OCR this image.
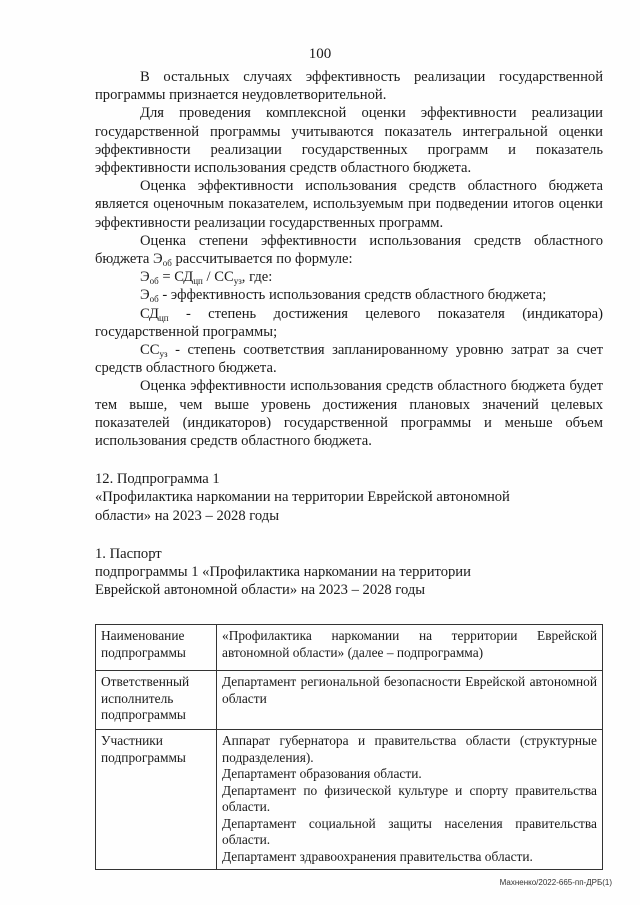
100

В остальных случаях эффективность реализации государственной программы признается неудовлетворительной.

Для проведения комплексной оценки эффективности реализации государственной программы учитываются показатель интегральной оценки эффективности реализации государственных программ и показатель эффективности использования средств областного бюджета.

Оценка эффективности использования средств областного бюджета является оценочным показателем, используемым при подведении итогов оценки эффективности реализации государственных программ.

Оценка степени эффективности использования средств областного бюджета $Э_{об}$ рассчитывается по формуле:

$Э_{об} = СД_{цп} / СС_{уз}$, где:

$Э_{об}$ - эффективность использования средств областного бюджета;

$СД_{цп}$ - степень достижения целевого показателя (индикатора) государственной программы;

$СС_{уз}$ - степень соответствия запланированному уровню затрат за счет средств областного бюджета.

Оценка эффективности использования средств областного бюджета будет тем выше, чем выше уровень достижения плановых значений целевых показателей (индикаторов) государственной программы и меньше объем использования средств областного бюджета.

12. Подпрограмма 1

«Профилактика наркомании на территории Еврейской автономной

области» на 2023 – 2028 годы

1. Паспорт

подпрограммы 1 «Профилактика наркомании на территории

Еврейской автономной области» на 2023 – 2028 годы

Наименование подпрограммы	«Профилактика наркомании на территории Еврейской автономной области» (далее – подпрограмма)
Ответственный исполнитель подпрограммы	Департамент региональной безопасности Еврейской автономной области
Участники подпрограммы	Аппарат губернатора и правительства области (структурные подразделения).
Департамент образования области.
Департамент по физической культуре и спорту правительства области.
Департамент социальной защиты населения правительства области.
Департамент здравоохранения правительства области.
Махненко/2022-665-пп-ДРБ(1)
